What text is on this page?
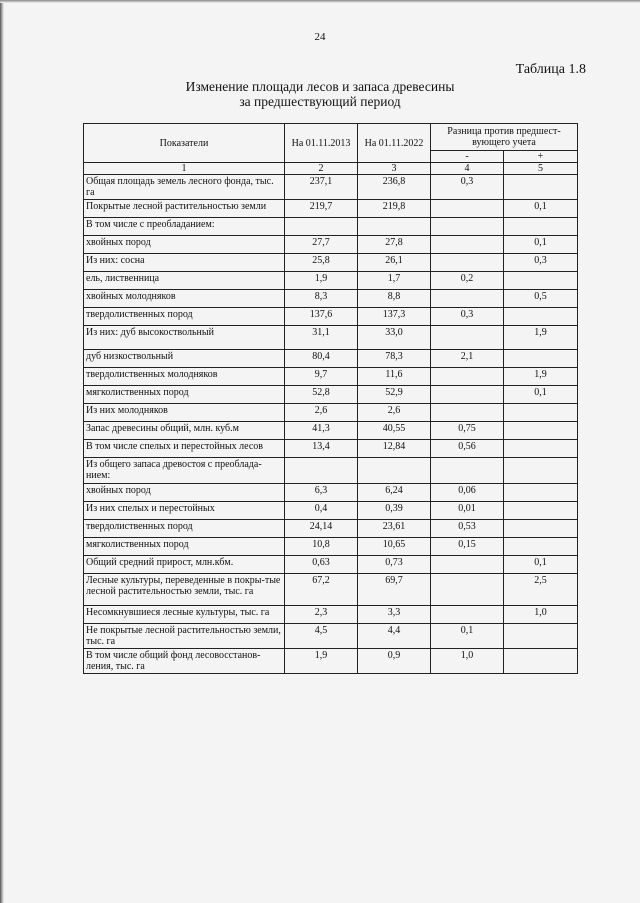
24
Таблица 1.8
Изменение площади лесов и запаса древесины
за предшествующий период
Показатели	На 01.11.2013	На 01.11.2022	Разница против предшест-вующего учета	
			-	+
1	2	3	4	5
Общая площадь земель лесного фонда, тыс. га	237,1	236,8	0,3	
Покрытые лесной растительностью земли	219,7	219,8		0,1
В том числе с преобладанием:				
хвойных пород	27,7	27,8		0,1
Из них: сосна	25,8	26,1		0,3
ель, лиственница	1,9	1,7	0,2	
хвойных молодняков	8,3	8,8		0,5
твердолиственных пород	137,6	137,3	0,3	
Из них: дуб высокоствольный	31,1	33,0		1,9
дуб низкоствольный	80,4	78,3	2,1	
твердолиственных молодняков	9,7	11,6		1,9
мягколиственных пород	52,8	52,9		0,1
Из них молодняков	2,6	2,6		
Запас древесины общий, млн. куб.м	41,3	40,55	0,75	
В том числе спелых и перестойных лесов	13,4	12,84	0,56	
Из общего запаса древостоя с преоблада-нием:				
хвойных пород	6,3	6,24	0,06	
Из них спелых и перестойных	0,4	0,39	0,01	
твердолиственных пород	24,14	23,61	0,53	
мягколиственных пород	10,8	10,65	0,15	
Общий средний прирост, млн.кбм.	0,63	0,73		0,1
Лесные культуры, переведенные в покры-тые лесной растительностью земли, тыс. га	67,2	69,7		2,5
Несомкнувшиеся лесные культуры, тыс. га	2,3	3,3		1,0
Не покрытые лесной растительностью земли, тыс. га	4,5	4,4	0,1	
В том числе общий фонд лесовосстанов-ления, тыс. га	1,9	0,9	1,0	
